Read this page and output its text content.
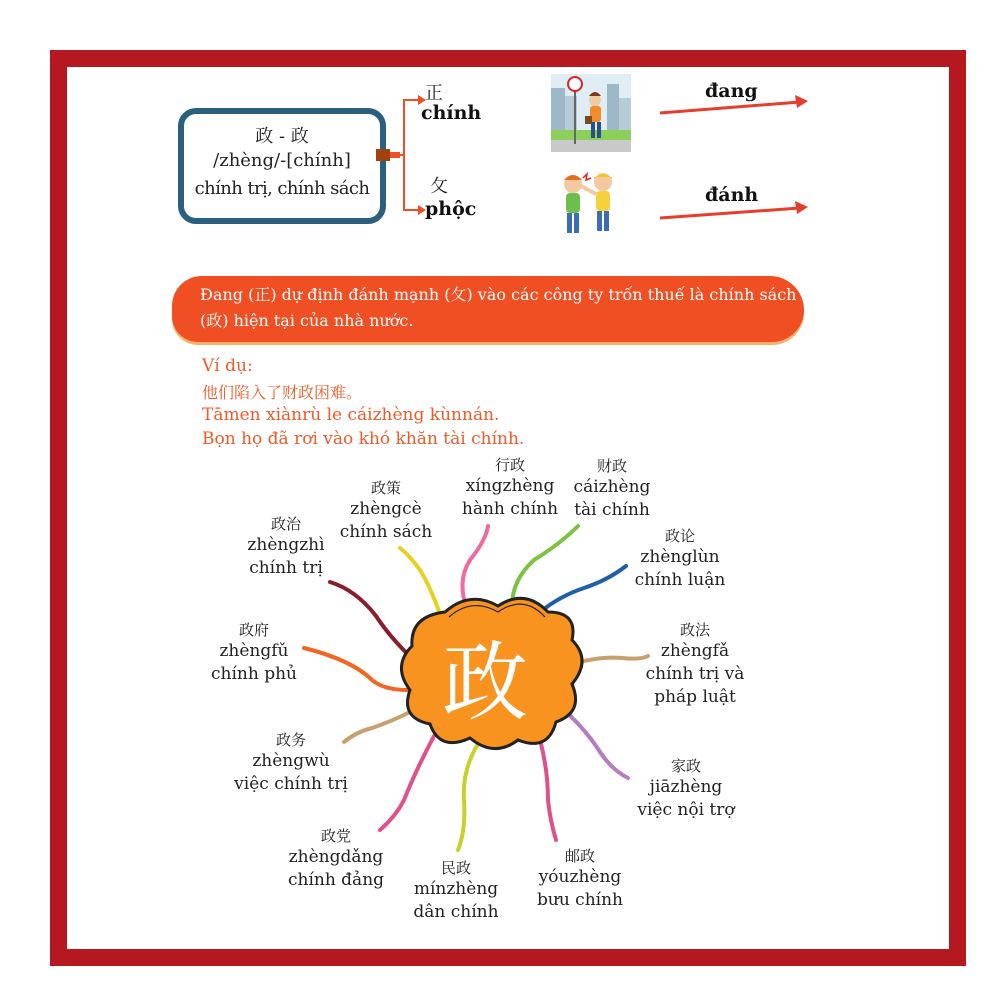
政 - 政
/zhèng/-[chính]
chính trị, chính sách
正
chính
攵
phộc
đang
đánh
Đang (正) dự định đánh mạnh (攵) vào các công ty trốn thuế là chính sách (政) hiện tại của nhà nước.
Ví dụ:
他们陷入了财政困难。
Tāmen xiànrù le cáizhèng kùnnán.
Bọn họ đã rơi vào khó khăn tài chính.
政
行政
xíngzhèng
hành chính
财政
cáizhèng
tài chính
政论
zhènglùn
chính luận
政法
zhèngfǎ
chính trị và pháp luật
家政
jiāzhèng
việc nội trợ
邮政
yóuzhèng
bưu chính
民政
mínzhèng
dân chính
政党
zhèngdǎng
chính đảng
政务
zhèngwù
việc chính trị
政府
zhèngfǔ
chính phủ
政治
zhèngzhì
chính trị
政策
zhèngcè
chính sách
